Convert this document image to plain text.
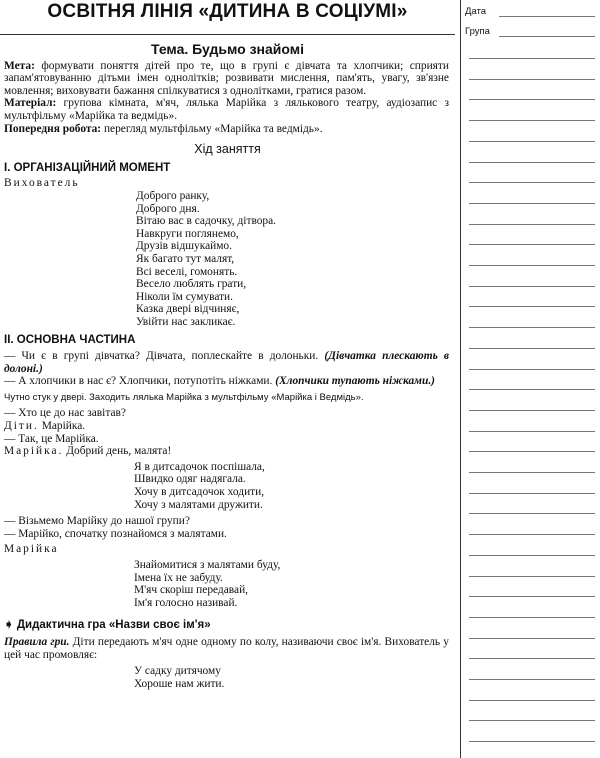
ОСВІТНЯ ЛІНІЯ «ДИТИНА В СОЦІУМІ»
Тема. Будьмо знайомі

Мета: формувати поняття дітей про те, що в групі є дівчата та хлопчики; сприяти запам'ятовуванню дітьми імен однолітків; розвивати мислення, пам'ять, увагу, зв'язне мовлення; виховувати бажання спілкуватися з однолітками, гратися разом.

Матеріал: групова кімната, м'яч, лялька Марійка з лялькового театру, аудіозапис з мультфільму «Марійка та ведмідь».

Попередня робота: перегляд мультфільму «Марійка та ведмідь».

Хід заняття
I. ОРГАНІЗАЦІЙНИЙ МОМЕНТ

Вихователь

Доброго ранку,

Доброго дня.

Вітаю вас в садочку, дітвора.

Навкруги поглянемо,

Друзів відшукаймо.

Як багато тут малят,

Всі веселі, гомонять.

Весело люблять грати,

Ніколи їм сумувати.

Казка двері відчиняє,

Увійти нас закликає.

II. ОСНОВНА ЧАСТИНА

— Чи є в групі дівчатка? Дівчата, поплескайте в долоньки. (Дівчатка плескають в долоні.)

— А хлопчики в нас є? Хлопчики, потупотіть ніжками. (Хлопчики тупають ніжками.)

Чутно стук у двері. Заходить лялька Марійка з мультфільму «Марійка і Ведмідь».

— Хто це до нас завітав?

Діти. Марійка.

— Так, це Марійка.

Марійка. Добрий день, малята!

Я в дитсадочок поспішала,

Швидко одяг надягала.

Хочу в дитсадочок ходити,

Хочу з малятами дружити.

— Візьмемо Марійку до нашої групи?

— Марійко, спочатку познайомся з малятами.

Марійка

Знайомитися з малятами буду,

Імена їх не забуду.

М'яч скоріш передавай,

Ім'я голосно називай.

➧ Дидактична гра «Назви своє ім'я»

Правила гри. Діти передають м'яч одне одному по колу, називаючи своє ім'я. Вихователь у цей час промовляє:

У садку дитячому

Хороше нам жити.

Дата
Група
